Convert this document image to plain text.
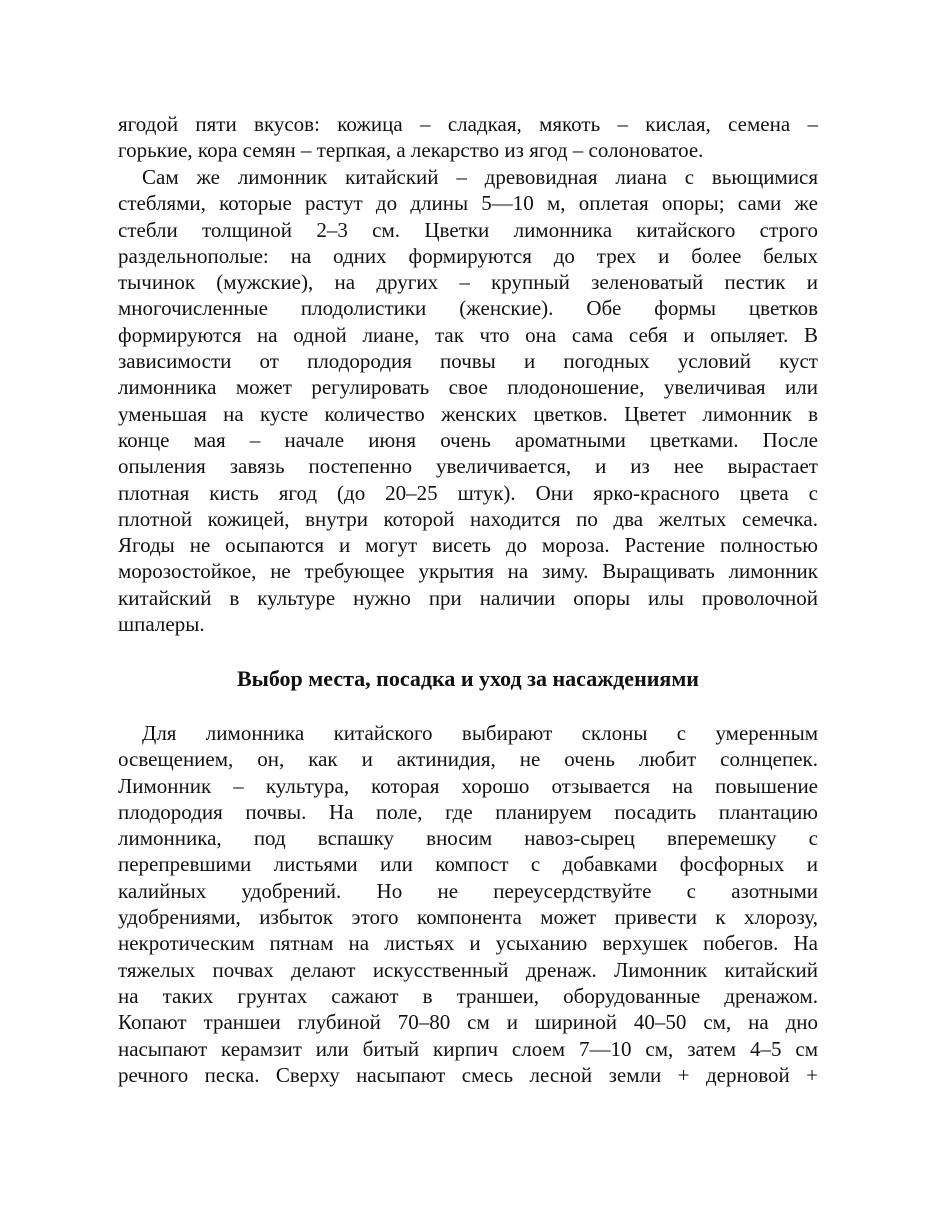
ягодой пяти вкусов: кожица – сладкая, мякоть – кислая, семена –
горькие, кора семян – терпкая, а лекарство из ягод – солоноватое.
Сам же лимонник китайский – древовидная лиана с вьющимися
стеблями, которые растут до длины 5—10 м, оплетая опоры; сами же
стебли толщиной 2–3 см. Цветки лимонника китайского строго
раздельнополые: на одних формируются до трех и более белых
тычинок (мужские), на других – крупный зеленоватый пестик и
многочисленные плодолистики (женские). Обе формы цветков
формируются на одной лиане, так что она сама себя и опыляет. В
зависимости от плодородия почвы и погодных условий куст
лимонника может регулировать свое плодоношение, увеличивая или
уменьшая на кусте количество женских цветков. Цветет лимонник в
конце мая – начале июня очень ароматными цветками. После
опыления завязь постепенно увеличивается, и из нее вырастает
плотная кисть ягод (до 20–25 штук). Они ярко-красного цвета с
плотной кожицей, внутри которой находится по два желтых семечка.
Ягоды не осыпаются и могут висеть до мороза. Растение полностью
морозостойкое, не требующее укрытия на зиму. Выращивать лимонник
китайский в культуре нужно при наличии опоры илы проволочной
шпалеры.
Выбор места, посадка и уход за насаждениями
Для лимонника китайского выбирают склоны с умеренным
освещением, он, как и актинидия, не очень любит солнцепек.
Лимонник – культура, которая хорошо отзывается на повышение
плодородия почвы. На поле, где планируем посадить плантацию
лимонника, под вспашку вносим навоз-сырец вперемешку с
перепревшими листьями или компост с добавками фосфорных и
калийных удобрений. Но не переусердствуйте с азотными
удобрениями, избыток этого компонента может привести к хлорозу,
некротическим пятнам на листьях и усыханию верхушек побегов. На
тяжелых почвах делают искусственный дренаж. Лимонник китайский
на таких грунтах сажают в траншеи, оборудованные дренажом.
Копают траншеи глубиной 70–80 см и шириной 40–50 см, на дно
насыпают керамзит или битый кирпич слоем 7—10 см, затем 4–5 см
речного песка. Сверху насыпают смесь лесной земли + дерновой +
